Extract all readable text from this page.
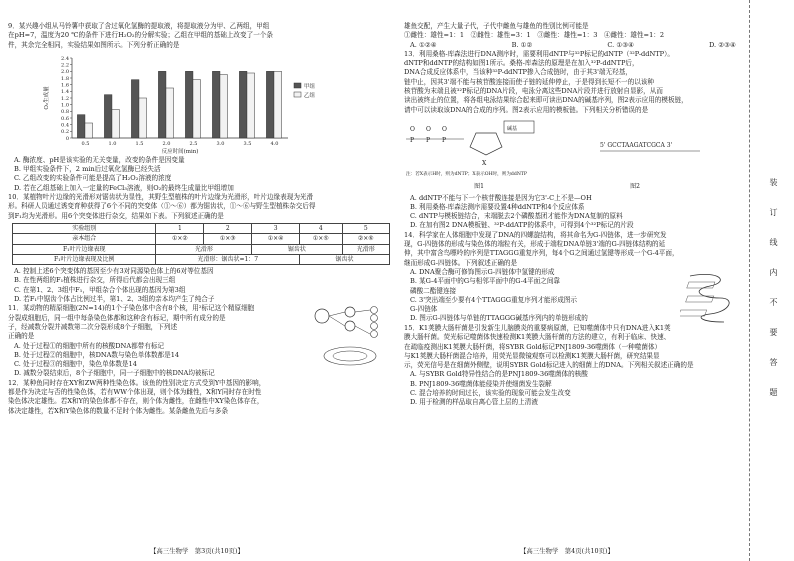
9．某兴趣小组从马铃薯中获取了含过氧化氢酶的提取液，将提取液分为甲、乙两组，甲组

在pH=7，温度为20 ℃的条件下进行H₂O₂的分解实验；乙组在甲组的基础上改变了一个条

件，其余完全相同，实验结果如图所示。下列分析正确的是

0
0.2
0.4
0.6
0.8
1.0
1.2
1.4
1.6
1.8
2.0
2.2
2.4
O₂生成量
0.5	1.0	1.5	2.0	2.5	3.0	3.5	4.0
反应时间(min)
甲组
乙组

A. 酶浓度、pH是该实验的无关变量，改变的条件是因变量

B. 甲组实验条件下，2 min后过氧化氢酶已经失活

C. 乙组改变的实验条件可能是提高了H₂O₂溶液的浓度

D. 若在乙组基础上加入一定量的FeCl₃溶液，则O₂的最终生成量比甲组增加

10．某植物叶片边缘的光滑形对锯齿状为显性，其野生型植株的叶片边缘为光滑形，叶片边缘表现为光滑

形。科研人员通过诱变育种获得了6个不同的突变体（①～⑥）都为锯齿状，①～⑥与野生型植株杂交后得

到F₁均为光滑形。用6个突变体进行杂交，结果如下表。下列叙述正确的是

实验组别	1	2	3	4	5
亲本组合	①×②	①×③	①×④	①×⑤	②×⑥
F₁叶片边缘表现	光滑形		锯齿状		光滑形
F₁叶片边缘表现及比例	光滑形：锯齿状=1：7			锯齿状	

A. 控制上述6个突变体的基因至少有3对同源染色体上的6对等位基因

B. 在性两组的F₁植株进行杂交，所得后代都会出现三组

C. 在第1、2、3组中F₁，甲组杂合个体出现的基因为第3组

D. 若F₁中锯齿个体占比例过半，第1、2、3组的亲本均产生了纯合子

11．某动物的精原细胞(2N=14)的1个子染色体中含有8个核，用²标记这个精原细胞

分裂成细胞后，同一组中每条染色体都和这种含有标记，期中所有成分的是

子，经减数分裂并减数第二次分裂形成8个子细胞，下列述

正确的是

A. 处于过程①的细胞中所有的核酸DNA都带有标记

B. 处于过程②的细胞中，核DNA数与染色单体数都是14

C. 处于过程③的细胞中，染色单体数是14

D. 减数分裂结束后，8个子细胞中，同一子细胞中的核DNA均被标记

12．某种鱼同时存在XY和ZW两种性染色体。该鱼的性别决定方式受到Y中基因的影响，

都是作为决定与否的性染色体，若有WW个体出现，则个体为雌性，X和Y同时存在时性

染色体决定雄性。若X和Y的染色体都不存在，则个体为雌性，在雌性中XY染色体存在，

体决定雄性，若X和Y染色体的数量不足时个体为雌性。某条雌鱼先后与多条

【高三生物学　第3页(共10页)】

雄鱼交配，产生大量子代，子代中雌鱼与雄鱼的性别比例可能是

①雌性：雄性=1：1　②雌性：雄性=3：1　③雌性：雄性=1：3　④雌性：雄性=1：2

A. ①②④	B. ①②	C. ①③④	D. ②③④

13．利用桑格-库森法进行DNA测序时，需要利用dNTP与³²P标记的dNTP（³²P-ddNTP）。

dNTP和ddNTP的结构如图1所示。桑格-库森法的原理是在加入³²P-ddNTP后，

DNA合成反应体系中，当该种³²P-ddNTP掺入合成链时，由于其3'端无羟基，

链中止，因其3'端不能与核苷酸连接而使子链的延伸停止，于是得到长短不一的以该种

核苷酸为末端且被³²P标记的DNA片段，电泳分离这些DNA片段并进行放射自显影，从而

读出被终止的位置，将各组电泳结果综合起来即可读出DNA的碱基序列，图2表示应用的模板链，

请中可以读取该DNA的合成的序列。图2表示应用的模板链。下列相关分析错误的是

O O O
P P P
碱基
X
注：若X表示H时，则为dNTP；X表示OH时，则为ddNTP
图1
5' GCCTAAGATCGCA 3'
图2

A. ddNTP不能与下一个核苷酸连接是因为它3'-C上不是—OH

B. 利用桑格-库森法测序需要设置4种ddNTP和4个反应体系

C. dNTP与模板链结合，末端脱去2个磷酸基团才能作为DNA复制的原料

D. 在加有图2 DNA模板链、³²P-ddATP的体系中，可得到4个³²P标记的片段

14．科学家在人体细胞中发现了DNA的四螺旋结构，将其命名为G-四链体，进一步研究发

现，G-四链体的形成与染色体的端粒有关，形成于端粒DNA单链3'端的G-四链体结构的延

伸，其中富含鸟嘌呤的序列是TTAGGG重复序列，每4个G之间通过氢键等形成一个G-4平面，

继而形成G-四链体。下列叙述正确的是

A. DNA聚合酶可修饰图示G-四链体中氢键的形成

B. 某G-4平面中的G与相邻平面中的G-4平面之间靠

磷酸二酯键连接

C. 3'突出端至少要有4个TTAGGG重复序列才能形成图示

G-四链体

D. 图示G-四链体与单链的TTAGGG碱基序列内的单链形成的

15．K1荚膜大肠杆菌是引发新生儿脑膜炎的重要病原菌，已知噬菌体中只有DNA进入K1荚

膜大肠杆菌。荧光标记噬菌体快速检测K1荚膜大肠杆菌的方法的建立，有利于临床、快速、

在疏临疫测出K1荚膜大肠杆菌，将SYBR Gold标记PNJ1809-36噬菌体（一种噬菌体）

与K1荚膜大肠杆菌混合培养，用荧光显微镜观察可以检测K1荚膜大肠杆菌，研究结果显

示，荧光信号是在细菌外侧壁，说明SYBR Gold标记进入的细菌上的DNA。下列相关叙述正确的是

A. 与SYBR Gold特异性结合的是PNJ1809-36噬菌体的核酸

B. PNJ1809-36噬菌体能侵染并使细菌发生裂解

C. 混合培养的时间过长，该实验的现象可能会发生改变

D. 用于检测的样品取自离心管上层的上清液

【高三生物学　第4页(共10页)】
装
订
线
内
不
要
答
题
